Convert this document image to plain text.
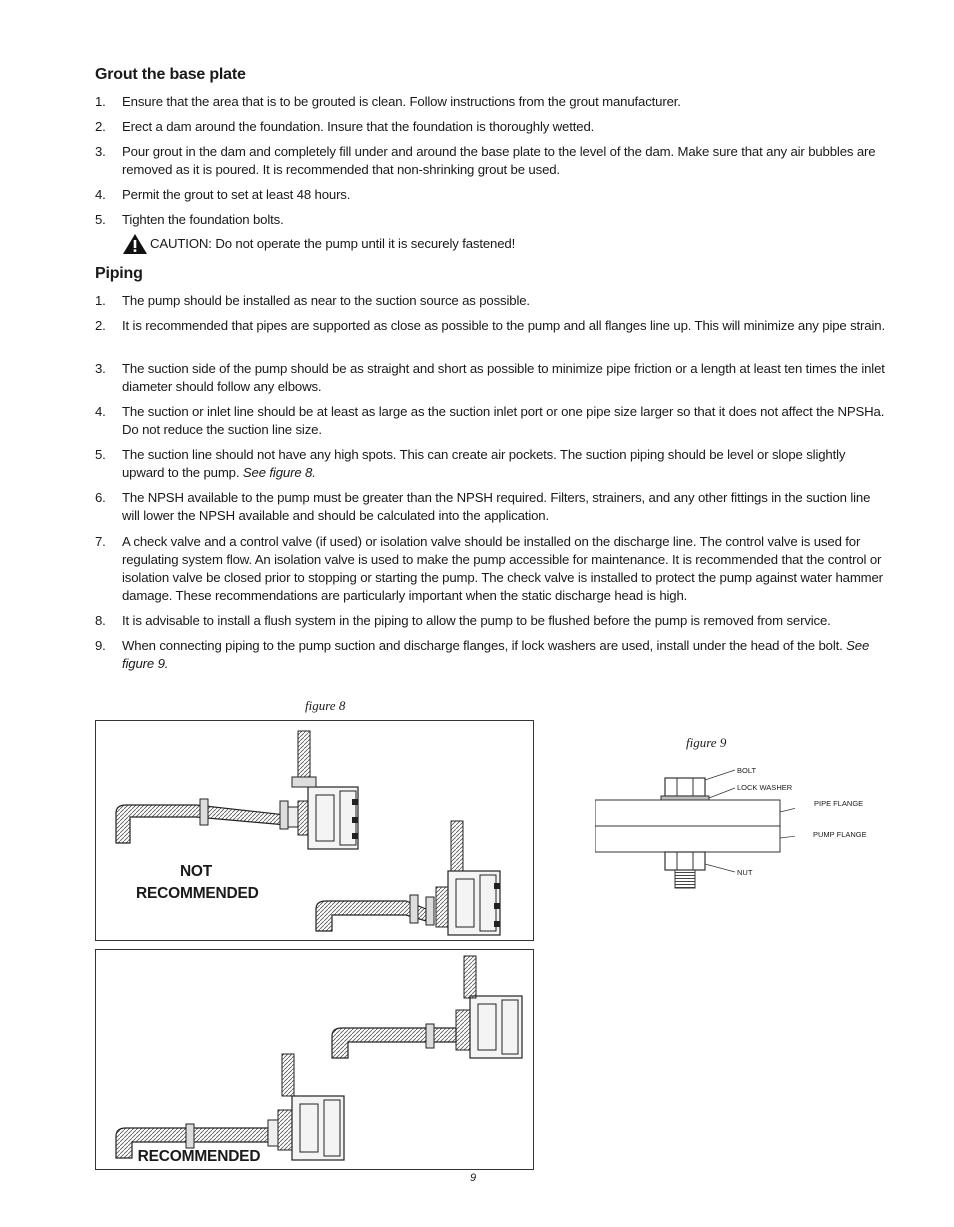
Grout the base plate
1.	Ensure that the area that is to be grouted is clean. Follow instructions from the grout manufacturer.
2.	Erect a dam around the foundation. Insure that the foundation is thoroughly wetted.
3.	Pour grout in the dam and completely fill under and around the base plate to the level of the dam. Make sure that any air bubbles are removed as it is poured. It is recommended that non-shrinking grout be used.
4.	Permit the grout to set at least 48 hours.
5.	Tighten the foundation bolts.
CAUTION: Do not operate the pump until it is securely fastened!
Piping
1.	The pump should be installed as near to the suction source as possible.
2.	It is recommended that pipes are supported as close as possible to the pump and all flanges line up. This will minimize any pipe strain.
3.	The suction side of the pump should be as straight and short as possible to minimize pipe friction or a length at least ten times the inlet diameter should follow any elbows.
4.	The suction or inlet line should be at least as large as the suction inlet port or one pipe size larger so that it does not affect the NPSHa. Do not reduce the suction line size.
5.	The suction line should not have any high spots. This can create air pockets. The suction piping should be level or slope slightly upward to the pump. See figure 8.
6.	The NPSH available to the pump must be greater than the NPSH required. Filters, strainers, and any other fittings in the suction line will lower the NPSH available and should be calculated into the application.
7.	A check valve and a control valve (if used) or isolation valve should be installed on the discharge line. The control valve is used for regulating system flow. An isolation valve is used to make the pump accessible for maintenance. It is recommended that the control or isolation valve be closed prior to stopping or starting the pump. The check valve is installed to protect the pump against water hammer damage. These recommendations are particularly important when the static discharge head is high.
8.	It is advisable to install a flush system in the piping to allow the pump to be flushed before the pump is removed from service.
9.	When connecting piping to the pump suction and discharge flanges, if lock washers are used, install under the head of the bolt. See figure 9.
figure 8
NOT RECOMMENDED
RECOMMENDED
figure 9
BOLT
LOCK WASHER
PIPE FLANGE
PUMP FLANGE
NUT
9
